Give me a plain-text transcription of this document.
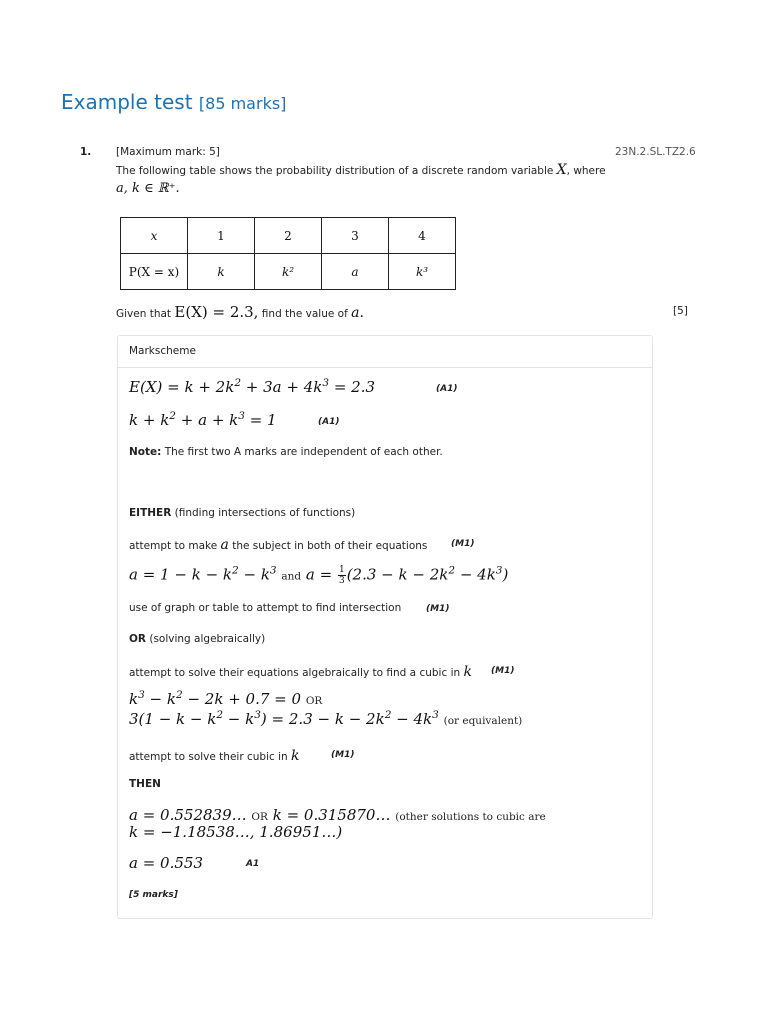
Example test [85 marks]
1. [Maximum mark: 5]	23N.2.SL.TZ2.6
The following table shows the probability distribution of a discrete random variable X, where
a, k ∈ ℝ⁺.
x	1	2	3	4
P(X = x)	k	k²	a	k³
Given that E(X) = 2.3, find the value of a.	[5]
Markscheme
$E(X) = k + 2k^2 + 3a + 4k^3 = 2.3$	(A1)
$k + k^2 + a + k^3 = 1$	(A1)
Note: The first two A marks are independent of each other.
EITHER (finding intersections of functions)
attempt to make a the subject in both of their equations	(M1)
$a = 1 - k - k^2 - k^3$ and $a = \frac{1}{3} (2.3 - k - 2k^2 - 4k^3)$
use of graph or table to attempt to find intersection	(M1)
OR (solving algebraically)
attempt to solve their equations algebraically to find a cubic in k (M1)
$k^3 - k^2 - 2k + 0.7 = 0$ OR
$3(1 - k - k^2 - k^3) = 2.3 - k - 2k^2 - 4k^3$ (or equivalent)
attempt to solve their cubic in k	(M1)
THEN
a = 0.552839… OR k = 0.315870… (other solutions to cubic are
k = −1.18538…, 1.86951…)
a = 0.553	A1
[5 marks]
